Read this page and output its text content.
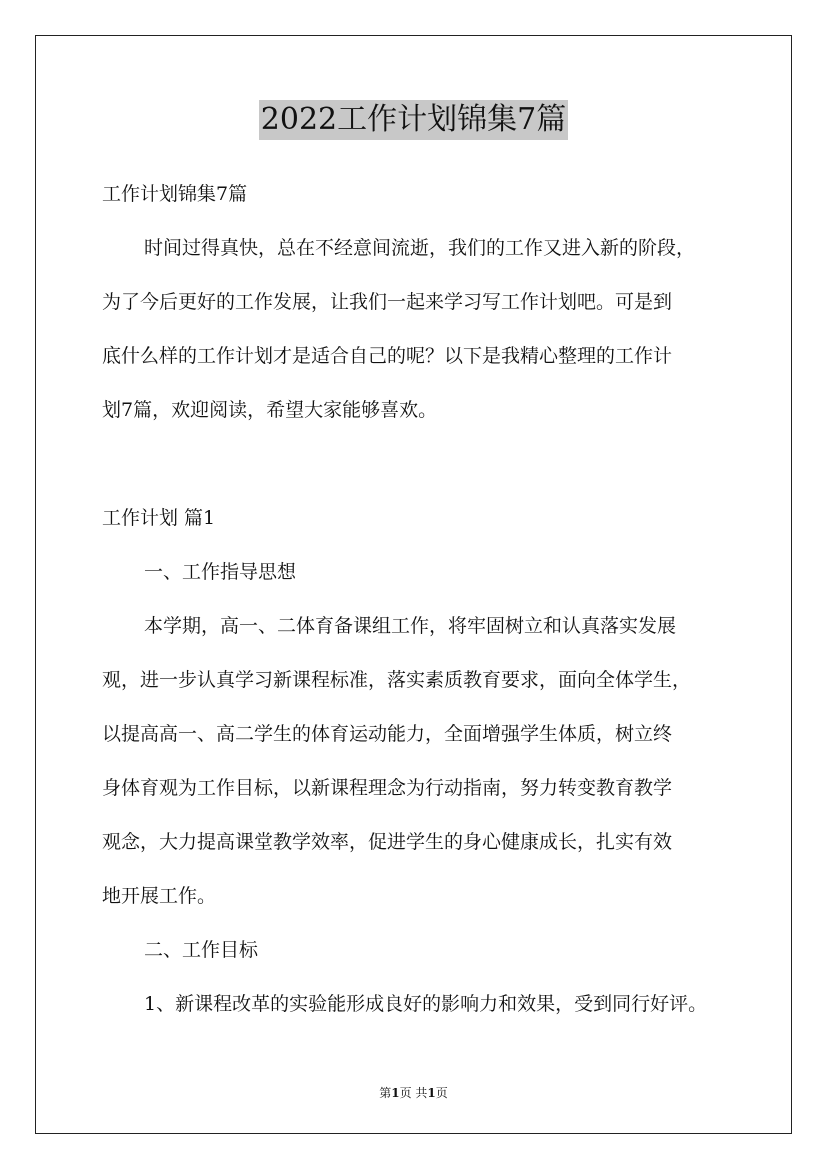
2022工作计划锦集7篇
工作计划锦集7篇
时间过得真快，总在不经意间流逝，我们的工作又进入新的阶段，
为了今后更好的工作发展，让我们一起来学习写工作计划吧。可是到
底什么样的工作计划才是适合自己的呢？以下是我精心整理的工作计
划7篇，欢迎阅读，希望大家能够喜欢。
工作计划 篇1
一、工作指导思想
本学期，高一、二体育备课组工作，将牢固树立和认真落实发展
观，进一步认真学习新课程标准，落实素质教育要求，面向全体学生，
以提高高一、高二学生的体育运动能力，全面增强学生体质，树立终
身体育观为工作目标，以新课程理念为行动指南，努力转变教育教学
观念，大力提高课堂教学效率，促进学生的身心健康成长，扎实有效
地开展工作。
二、工作目标
1、新课程改革的实验能形成良好的影响力和效果，受到同行好评。
第1页 共1页
